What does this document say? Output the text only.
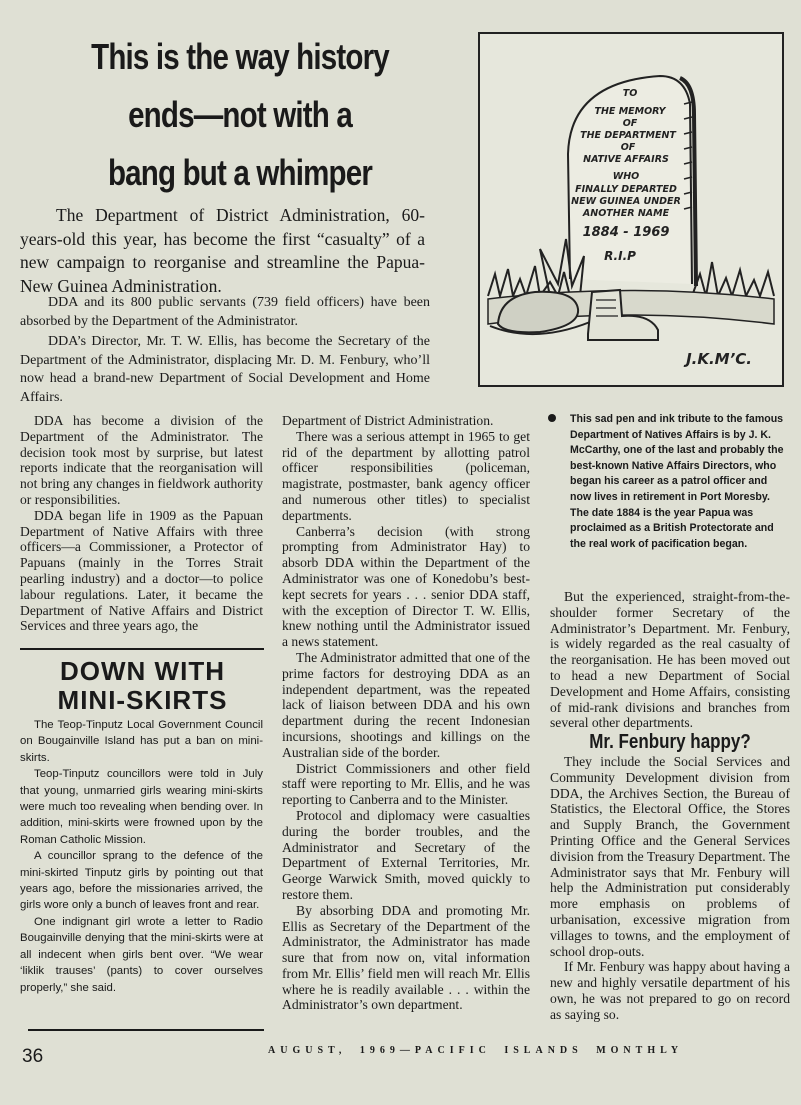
This is the way history
ends—not with a
bang but a whimper

The Department of District Administration, 60-years-old this year, has become the first “casualty” of a new campaign to reorganise and streamline the Papua-New Guinea Administration.

DDA and its 800 public servants (739 field officers) have been absorbed by the Department of the Administrator.

DDA’s Director, Mr. T. W. Ellis, has become the Secretary of the Department of the Administrator, displacing Mr. D. M. Fenbury, who’ll now head a brand-new Department of Social Development and Home Affairs.

TO
THE MEMORY
OF
THE DEPARTMENT
OF
NATIVE AFFAIRS
WHO
FINALLY DEPARTED
NEW GUINEA UNDER
ANOTHER NAME
1884 - 1969
R.I.P
J.K.M’C.

DDA has become a division of the Department of the Administrator. The decision took most by surprise, but latest reports indicate that the reorganisation will not bring any changes in fieldwork authority or responsibilities.

DDA began life in 1909 as the Papuan Department of Native Affairs with three officers—a Commissioner, a Protector of Papuans (mainly in the Torres Strait pearling industry) and a doctor—to police labour regulations. Later, it became the Department of Native Affairs and District Services and three years ago, the

DOWN WITH
MINI-SKIRTS

The Teop-Tinputz Local Government Council on Bougainville Island has put a ban on mini-skirts.

Teop-Tinputz councillors were told in July that young, unmarried girls wearing mini-skirts were much too revealing when bending over. In addition, mini-skirts were frowned upon by the Roman Catholic Mission.

A councillor sprang to the defence of the mini-skirted Tinputz girls by pointing out that years ago, before the missionaries arrived, the girls wore only a bunch of leaves front and rear.

One indignant girl wrote a letter to Radio Bougainville denying that the mini-skirts were at all indecent when girls bent over. “We wear ‘liklik trauses’ (pants) to cover ourselves properly,” she said.

Department of District Administration.

There was a serious attempt in 1965 to get rid of the department by allotting patrol officer responsibilities (policeman, magistrate, postmaster, bank agency officer and numerous other titles) to specialist departments.

Canberra’s decision (with strong prompting from Administrator Hay) to absorb DDA within the Department of the Administrator was one of Konedobu’s best-kept secrets for years . . . senior DDA staff, with the exception of Director T. W. Ellis, knew nothing until the Administrator issued a news statement.

The Administrator admitted that one of the prime factors for destroying DDA as an independent department, was the repeated lack of liaison between DDA and his own department during the recent Indonesian incursions, shootings and killings on the Australian side of the border.

District Commissioners and other field staff were reporting to Mr. Ellis, and he was reporting to Canberra and to the Minister.

Protocol and diplomacy were casualties during the border troubles, and the Administrator and Secretary of the Department of External Territories, Mr. George Warwick Smith, moved quickly to restore them.

By absorbing DDA and promoting Mr. Ellis as Secretary of the Department of the Administrator, the Administrator has made sure that from now on, vital information from Mr. Ellis’ field men will reach Mr. Ellis where he is readily available . . . within the Administrator’s own department.

This sad pen and ink tribute to the famous Department of Natives Affairs is by J. K. McCarthy, one of the last and probably the best-known Native Affairs Directors, who began his career as a patrol officer and now lives in retirement in Port Moresby. The date 1884 is the year Papua was proclaimed as a British Protectorate and the real work of pacification began.

But the experienced, straight-from-the-shoulder former Secretary of the Administrator’s Department. Mr. Fenbury, is widely regarded as the real casualty of the reorganisation. He has been moved out to head a new Department of Social Development and Home Affairs, consisting of mid-rank divisions and branches from several other departments.

Mr. Fenbury happy?

They include the Social Services and Community Development division from DDA, the Archives Section, the Bureau of Statistics, the Electoral Office, the Stores and Supply Branch, the Government Printing Office and the General Services division from the Treasury Department. The Administrator says that Mr. Fenbury will help the Administration put considerably more emphasis on problems of urbanisation, excessive migration from villages to towns, and the employment of school drop-outs.

If Mr. Fenbury was happy about having a new and highly versatile department of his own, he was not prepared to go on record as saying so.

36	AUGUST, 1969—PACIFIC ISLANDS MONTHLY
